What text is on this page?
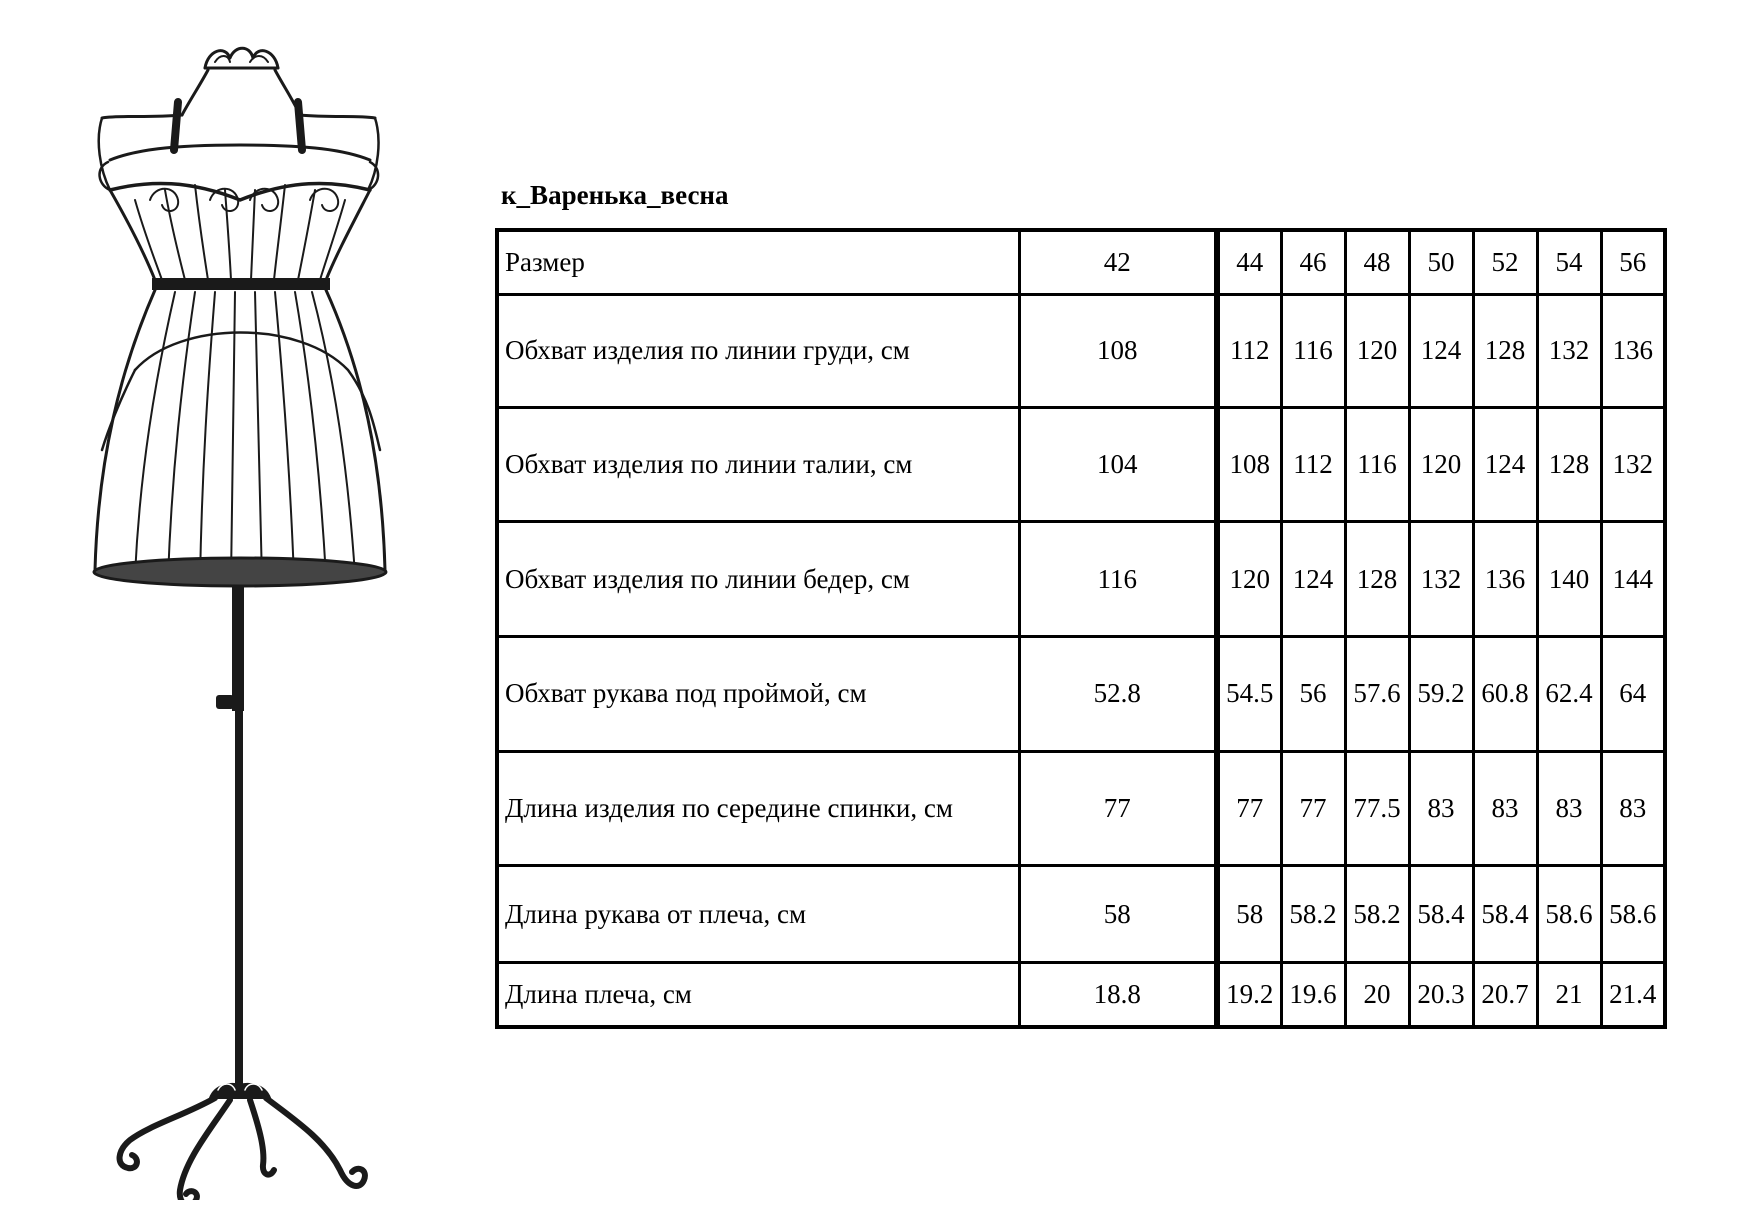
к_Варенька_весна
Размер	42	44	46	48	50	52	54	56
Обхват изделия по линии груди, см	108	112	116	120	124	128	132	136
Обхват изделия по линии талии, см	104	108	112	116	120	124	128	132
Обхват изделия по линии бедер, см	116	120	124	128	132	136	140	144
Обхват рукава под проймой, см	52.8	54.5	56	57.6	59.2	60.8	62.4	64
Длина изделия по середине спинки, см	77	77	77	77.5	83	83	83	83
Длина рукава от плеча, см	58	58	58.2	58.2	58.4	58.4	58.6	58.6
Длина плеча, см	18.8	19.2	19.6	20	20.3	20.7	21	21.4
